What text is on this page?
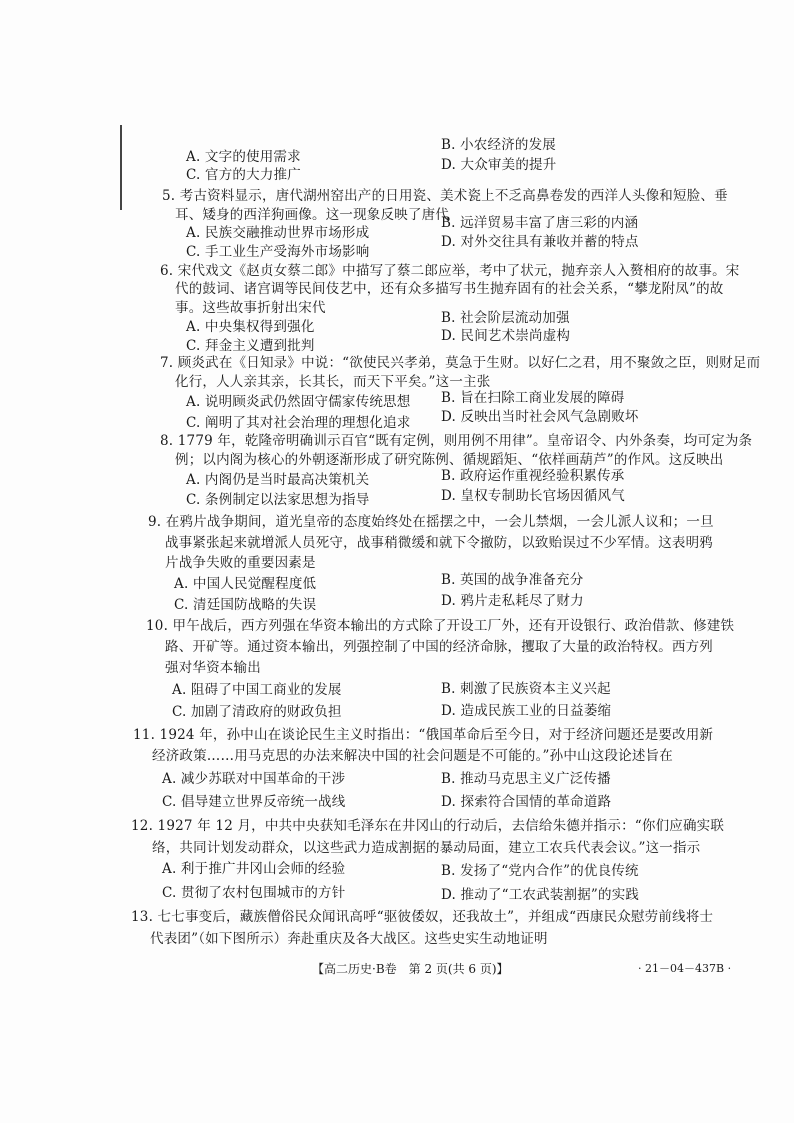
A. 文字的使用需求
B. 小农经济的发展
C. 官方的大力推广
D. 大众审美的提升
5. 考古资料显示，唐代湖州窑出产的日用瓷、美术瓷上不乏高鼻卷发的西洋人头像和短脸、垂
耳、矮身的西洋狗画像。这一现象反映了唐代
A. 民族交融推动世界市场形成
B. 远洋贸易丰富了唐三彩的内涵
C. 手工业生产受海外市场影响
D. 对外交往具有兼收并蓄的特点
6. 宋代戏文《赵贞女蔡二郎》中描写了蔡二郎应举，考中了状元，抛弃亲人入赘相府的故事。宋
代的鼓词、诸宫调等民间伎艺中，还有众多描写书生抛弃固有的社会关系，“攀龙附凤”的故
事。这些故事折射出宋代
A. 中央集权得到强化
B. 社会阶层流动加强
C. 拜金主义遭到批判
D. 民间艺术崇尚虚构
7. 顾炎武在《日知录》中说：“欲使民兴孝弟，莫急于生财。以好仁之君，用不聚敛之臣，则财足而
化行，人人亲其亲，长其长，而天下平矣。”这一主张
A. 说明顾炎武仍然固守儒家传统思想 B. 旨在扫除工商业发展的障碍
C. 阐明了其对社会治理的理想化追求 D. 反映出当时社会风气急剧败坏
8. 1779 年，乾隆帝明确训示百官“既有定例，则用例不用律”。皇帝诏令、内外条奏，均可定为条
例；以内阁为核心的外朝逐渐形成了研究陈例、循规蹈矩、“依样画葫芦”的作风。这反映出
A. 内阁仍是当时最高决策机关	B. 政府运作重视经验积累传承
C. 条例制定以法家思想为指导	D. 皇权专制助长官场因循风气
9. 在鸦片战争期间，道光皇帝的态度始终处在摇摆之中，一会儿禁烟，一会儿派人议和；一旦
战事紧张起来就增派人员死守，战事稍微缓和就下令撤防，以致贻误过不少军情。这表明鸦
片战争失败的重要因素是
A. 中国人民觉醒程度低	B. 英国的战争准备充分
C. 清廷国防战略的失误	D. 鸦片走私耗尽了财力
10. 甲午战后，西方列强在华资本输出的方式除了开设工厂外，还有开设银行、政治借款、修建铁
路、开矿等。通过资本输出，列强控制了中国的经济命脉，攫取了大量的政治特权。西方列
强对华资本输出
A. 阻碍了中国工商业的发展	B. 刺激了民族资本主义兴起
C. 加剧了清政府的财政负担	D. 造成民族工业的日益萎缩
11. 1924 年，孙中山在谈论民生主义时指出：“俄国革命后至今日，对于经济问题还是要改用新
经济政策……用马克思的办法来解决中国的社会问题是不可能的。”孙中山这段论述旨在
A. 减少苏联对中国革命的干涉	B. 推动马克思主义广泛传播
C. 倡导建立世界反帝统一战线	D. 探索符合国情的革命道路
12. 1927 年 12 月，中共中央获知毛泽东在井冈山的行动后，去信给朱德并指示：“你们应确实联
络，共同计划发动群众，以这些武力造成割据的暴动局面，建立工农兵代表会议。”这一指示
A. 利于推广井冈山会师的经验	B. 发扬了“党内合作”的优良传统
C. 贯彻了农村包围城市的方针	D. 推动了“工农武装割据”的实践
13. 七七事变后，藏族僧俗民众闻讯高呼“驱彼倭奴，还我故土”，并组成“西康民众慰劳前线将士
代表团”（如下图所示）奔赴重庆及各大战区。这些史实生动地证明
【高二历史·B卷　第 2 页(共 6 页)】	· 21－04－437B ·
